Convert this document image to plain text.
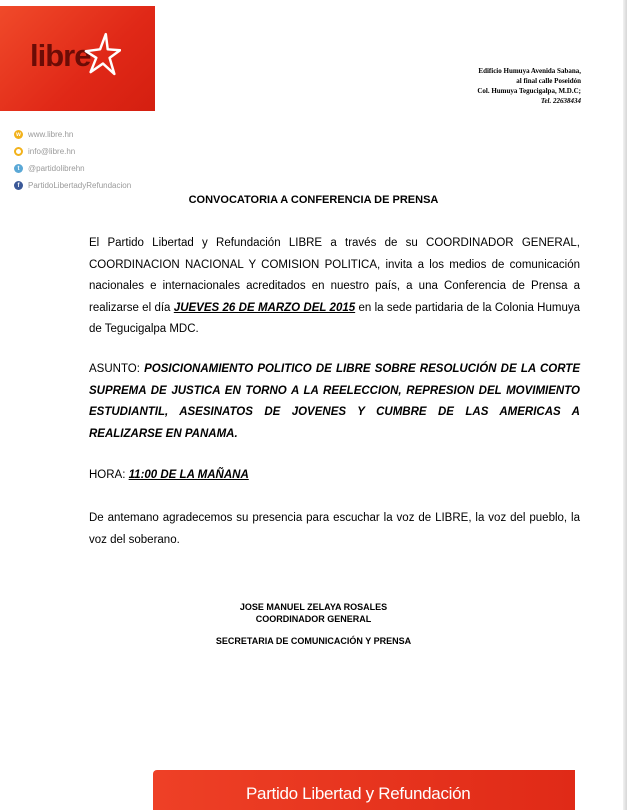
libre	Edificio Humuya Avenida Sabana,
al final calle Poseidón
Col. Humuya Tegucigalpa, M.D.C;
Tel. 22638434
w www.libre.hn
info@libre.hn
t	@partidolibrehn
f	PartidoLibertadyRefundacion
CONVOCATORIA A CONFERENCIA DE PRENSA

El Partido Libertad y Refundación LIBRE a través de su COORDINADOR GENERAL, COORDINACION NACIONAL Y COMISION POLITICA, invita a los medios de comunicación nacionales e internacionales acreditados en nuestro país, a una Conferencia de Prensa a realizarse el día JUEVES 26 DE MARZO DEL 2015 en la sede partidaria de la Colonia Humuya de Tegucigalpa MDC.

ASUNTO: POSICIONAMIENTO POLITICO DE LIBRE SOBRE RESOLUCIÓN DE LA CORTE SUPREMA DE JUSTICA EN TORNO A LA REELECCION, REPRESION DEL MOVIMIENTO ESTUDIANTIL, ASESINATOS DE JOVENES Y CUMBRE DE LAS AMERICAS A REALIZARSE EN PANAMA.

HORA: 11:00 DE LA MAÑANA

De antemano agradecemos su presencia para escuchar la voz de LIBRE, la voz del pueblo, la voz del soberano.

JOSE MANUEL ZELAYA ROSALES
COORDINADOR GENERAL
SECRETARIA DE COMUNICACIÓN Y PRENSA
Partido Libertad y Refundación
